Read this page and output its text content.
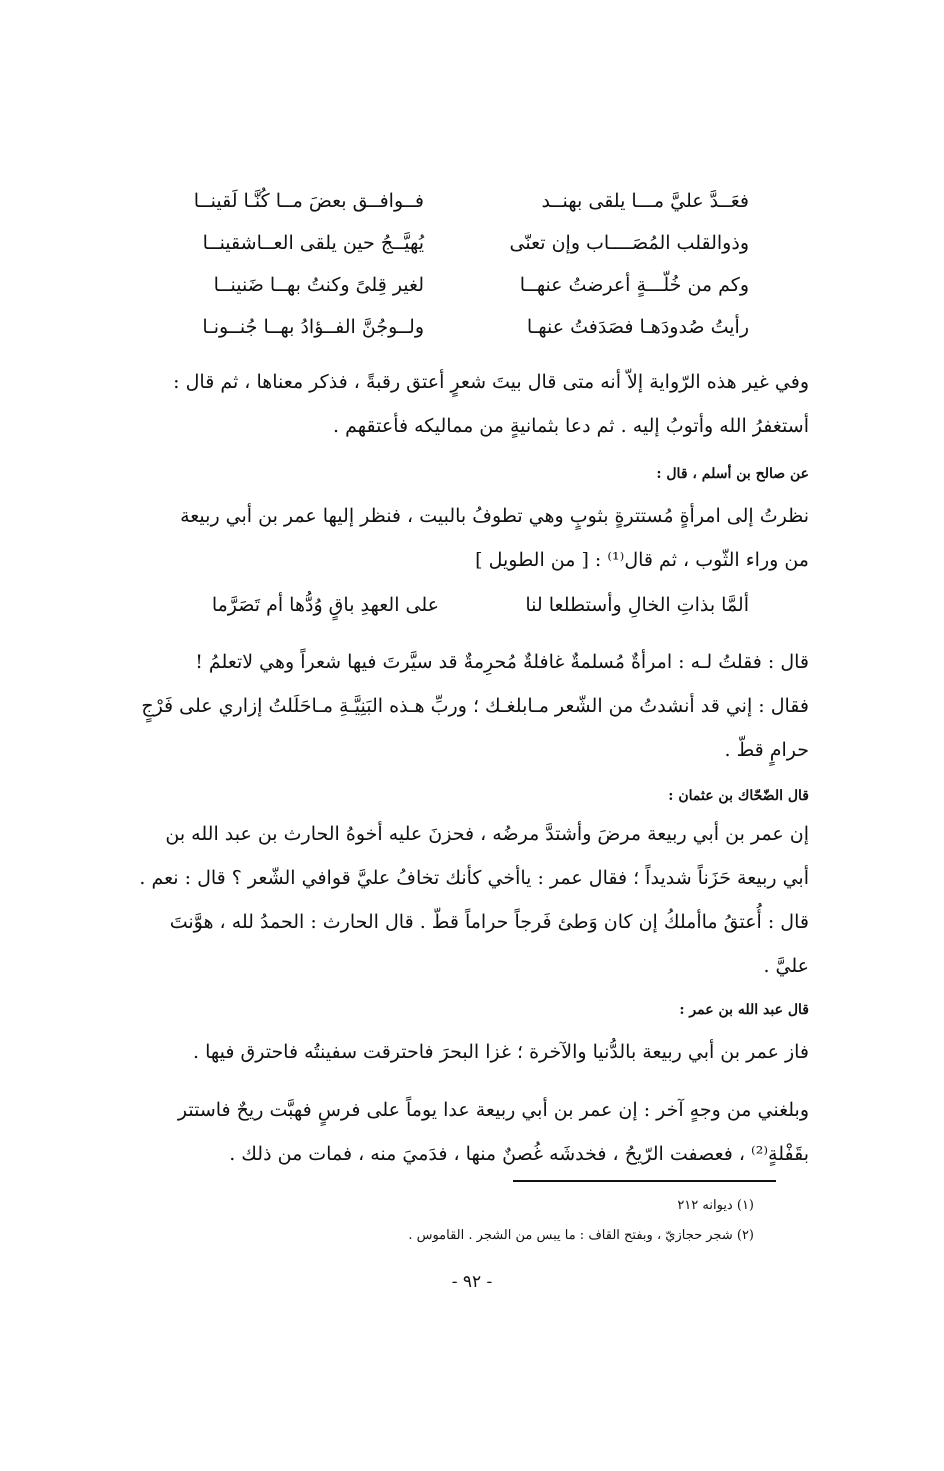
فعَــدَّ عليَّ مـــا يلقى بهنــد
فــوافــق بعضَ مــا كُنَّـا لَقينــا
وذوالقلب المُصَــــاب وإن تعنّى
يُهيَّــجُ حين يلقى العــاشقينــا
وكم من خُلّـــةٍ أعرضتُ عنهــا
لغير قِلىً وكنتُ بهــا ضَنينــا
رأيتُ صُدودَهـا فصَدَفتُ عنهـا
ولــوجُنَّ الفــؤادُ بهــا جُنــونـا

وفي غير هذه الرّواية إلاّ أنه متى قال بيتَ شعرٍ أعتق رقبةً ، فذكر معناها ، ثم قال :

أستغفرُ الله وأتوبُ إليه . ثم دعا بثمانيةٍ من مماليكه فأعتقهم .

عن صالح بن أسلم ، قال :

نظرتُ إلى امرأةٍ مُستترةٍ بثوبٍ وهي تطوفُ بالبيت ، فنظر إليها عمر بن أبي ربيعة

من وراء الثّوب ، ثم قال⁽¹⁾ : [ من الطويل ]

ألمَّا بذاتِ الخالِ وأستطلعا لنا
على العهدِ باقٍ وُدُّها أم تَصَرَّما

قال : فقلتُ لـه : امرأةٌ مُسلمةٌ غافلةٌ مُحرِمةٌ قد سيَّرتَ فيها شعراً وهي لاتعلمُ !

فقال : إني قد أنشدتُ من الشّعر مـابلغـك ؛ وربِّ هـذه البَنِيَّـةِ مـاحَلَلتُ إزاري على فَرْجٍ

حرامٍ قطّ .

قال الضّحّاك بن عثمان :

إن عمر بن أبي ربيعة مرضَ وأشتدَّ مرضُه ، فحزنَ عليه أخوهُ الحارث بن عبد الله بن

أبي ربيعة حَزَناً شديداً ؛ فقال عمر : ياأخي كأنك تخافُ عليَّ قوافي الشّعر ؟ قال : نعم .

قال : أُعتقُ ماأملكُ إن كان وَطئ فَرجاً حراماً قطّ . قال الحارث : الحمدُ لله ، هوَّنتَ

عليَّ .

قال عبد الله بن عمر :

فاز عمر بن أبي ربيعة بالدُّنيا والآخرة ؛ غزا البحرَ فاحترقت سفينتُه فاحترق فيها .

وبلغني من وجهٍ آخر : إن عمر بن أبي ربيعة عدا يوماً على فرسٍ فهبَّت ريحٌ فاستتر

بقَفْلةٍ⁽²⁾ ، فعصفت الرّيحُ ، فخدشَه غُصنٌ منها ، فدَميَ منه ، فمات من ذلك .

(١) ديوانه ٢١٢
(٢) شجر حجازيّ ، وبفتح القاف : ما يبس من الشجر . القاموس .
- ٩٢ -
